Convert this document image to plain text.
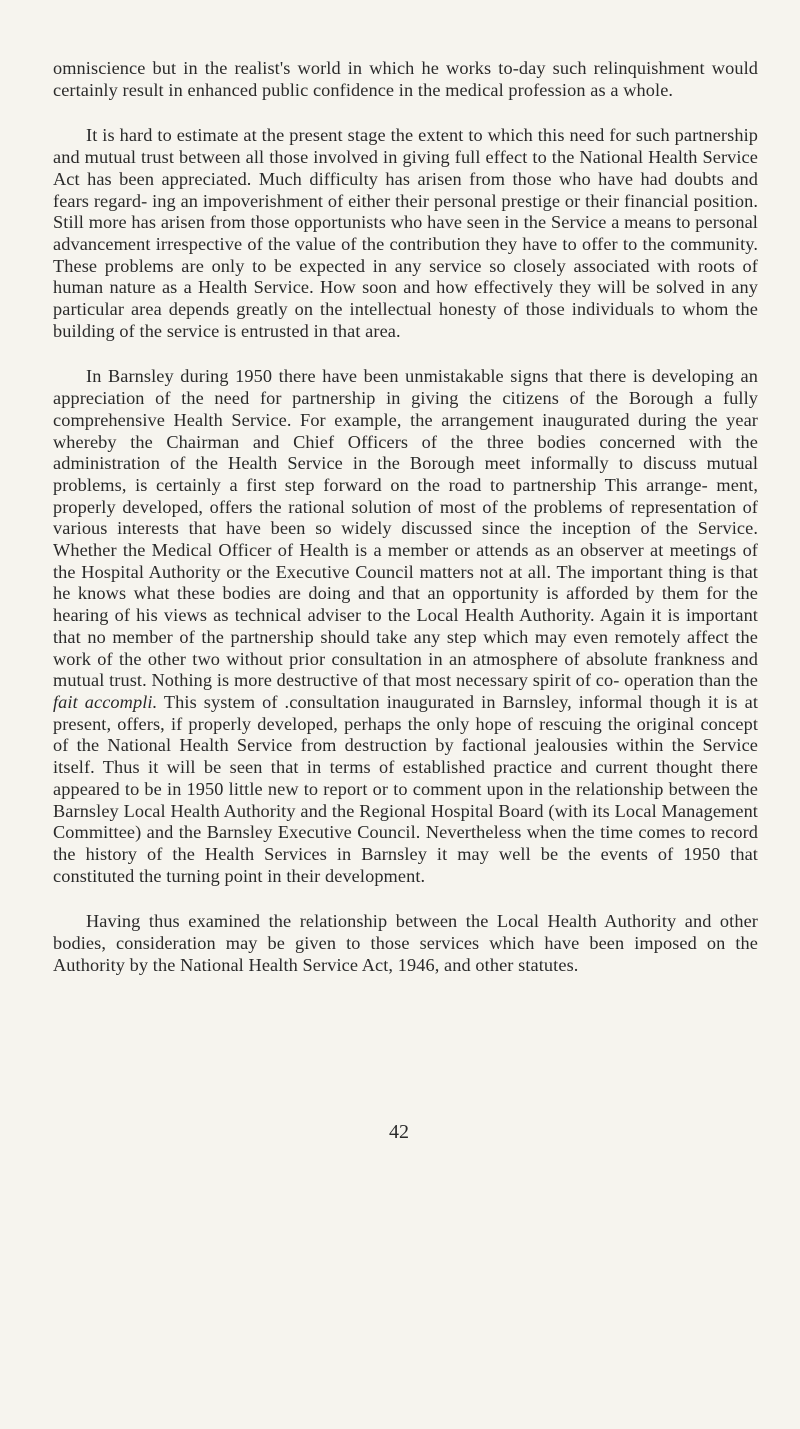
omniscience but in the realist's world in which he works to-day such relinquishment would certainly result in enhanced public confidence in the medical profession as a whole.

It is hard to estimate at the present stage the extent to which this need for such partnership and mutual trust between all those involved in giving full effect to the National Health Service Act has been appreciated. Much difficulty has arisen from those who have had doubts and fears regard- ing an impoverishment of either their personal prestige or their financial position. Still more has arisen from those opportunists who have seen in the Service a means to personal advancement irrespective of the value of the contribution they have to offer to the community. These problems are only to be expected in any service so closely associated with roots of human nature as a Health Service. How soon and how effectively they will be solved in any particular area depends greatly on the intellectual honesty of those individuals to whom the building of the service is entrusted in that area.

In Barnsley during 1950 there have been unmistakable signs that there is developing an appreciation of the need for partnership in giving the citizens of the Borough a fully comprehensive Health Service. For example, the arrangement inaugurated during the year whereby the Chairman and Chief Officers of the three bodies concerned with the administration of the Health Service in the Borough meet informally to discuss mutual problems, is certainly a first step forward on the road to partnership This arrange- ment, properly developed, offers the rational solution of most of the problems of representation of various interests that have been so widely discussed since the inception of the Service. Whether the Medical Officer of Health is a member or attends as an observer at meetings of the Hospital Authority or the Executive Council matters not at all. The important thing is that he knows what these bodies are doing and that an opportunity is afforded by them for the hearing of his views as technical adviser to the Local Health Authority. Again it is important that no member of the partnership should take any step which may even remotely affect the work of the other two without prior consultation in an atmosphere of absolute frankness and mutual trust. Nothing is more destructive of that most necessary spirit of co- operation than the fait accompli. This system of .consultation inaugurated in Barnsley, informal though it is at present, offers, if properly developed, perhaps the only hope of rescuing the original concept of the National Health Service from destruction by factional jealousies within the Service itself. Thus it will be seen that in terms of established practice and current thought there appeared to be in 1950 little new to report or to comment upon in the relationship between the Barnsley Local Health Authority and the Regional Hospital Board (with its Local Management Committee) and the Barnsley Executive Council. Nevertheless when the time comes to record the history of the Health Services in Barnsley it may well be the events of 1950 that constituted the turning point in their development.

Having thus examined the relationship between the Local Health Authority and other bodies, consideration may be given to those services which have been imposed on the Authority by the National Health Service Act, 1946, and other statutes.

42
